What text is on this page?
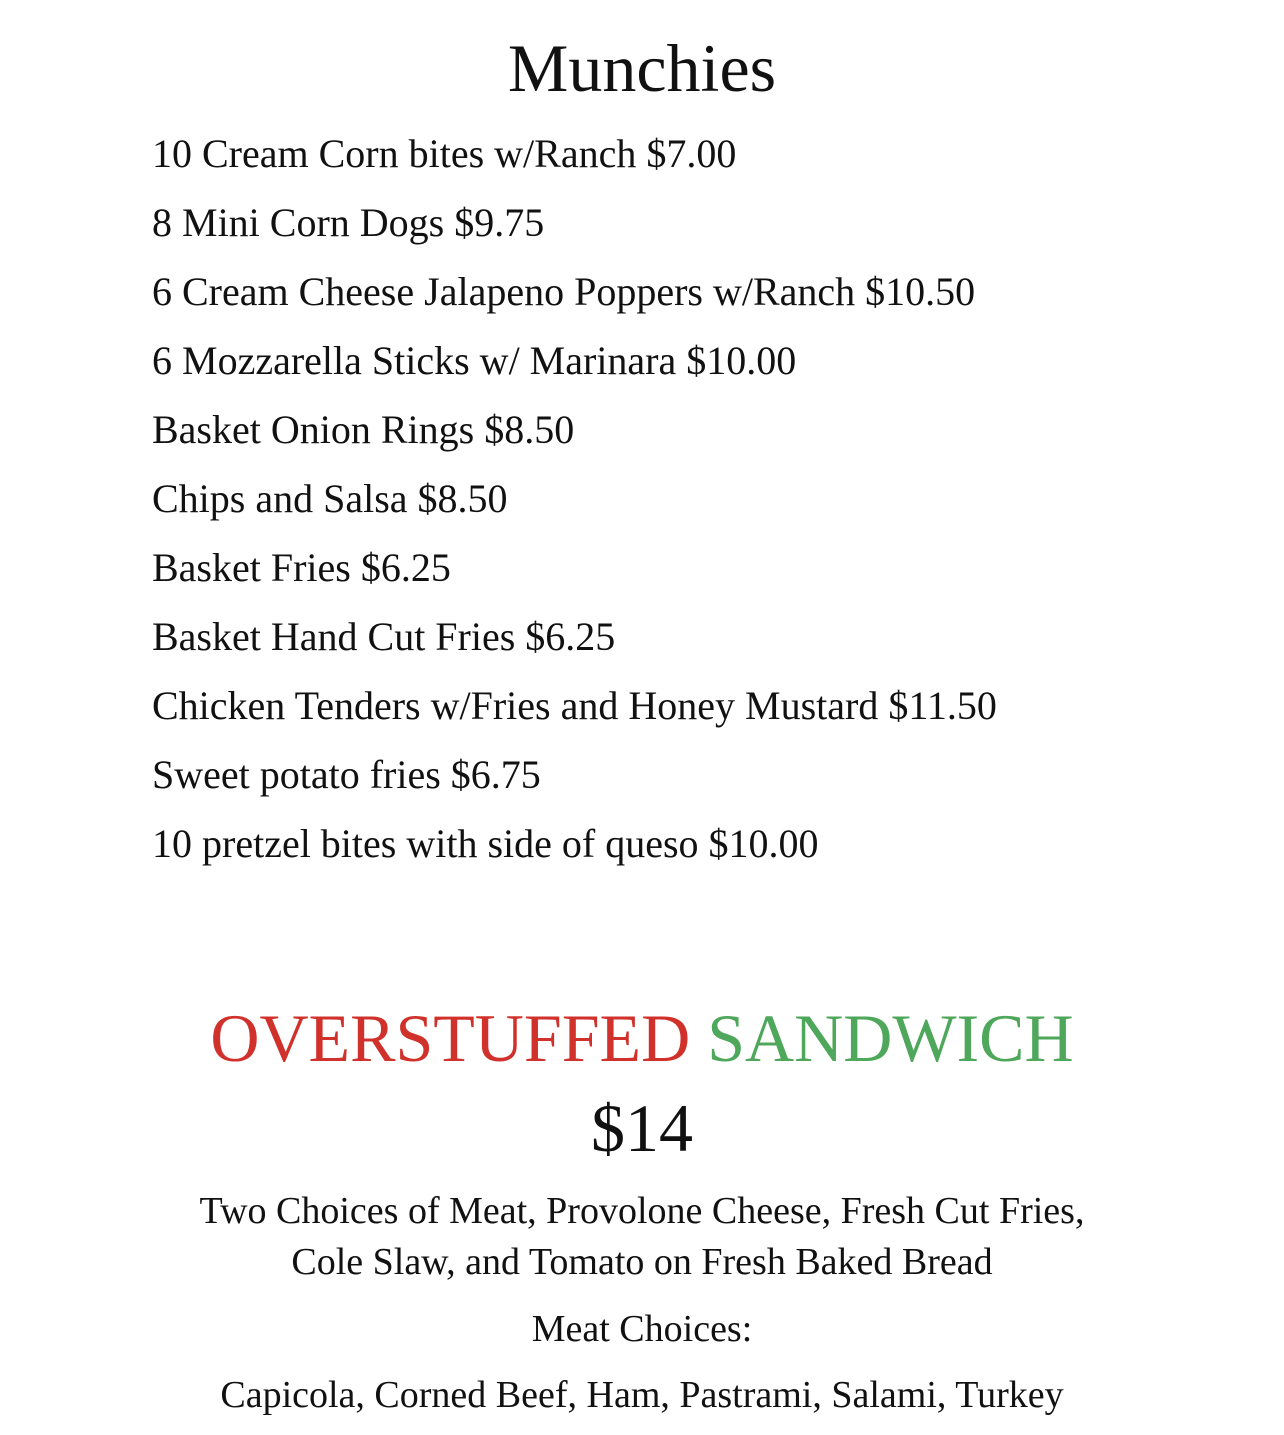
Munchies
10 Cream Corn bites w/Ranch $7.00
8 Mini Corn Dogs $9.75
6 Cream Cheese Jalapeno Poppers w/Ranch $10.50
6 Mozzarella Sticks w/ Marinara $10.00
Basket Onion Rings $8.50
Chips and Salsa $8.50
Basket Fries $6.25
Basket Hand Cut Fries $6.25
Chicken Tenders w/Fries and Honey Mustard $11.50
Sweet potato fries $6.75
10 pretzel bites with side of queso $10.00
OVERSTUFFED SANDWICH
$14
Two Choices of Meat, Provolone Cheese, Fresh Cut Fries,
Cole Slaw, and Tomato on Fresh Baked Bread
Meat Choices:
Capicola, Corned Beef, Ham, Pastrami, Salami, Turkey
